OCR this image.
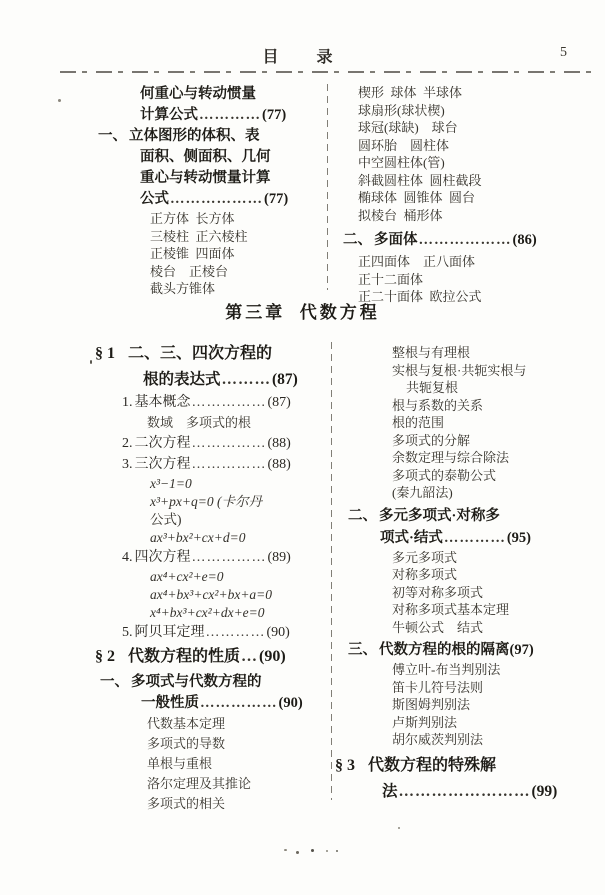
目  录	5
何重心与转动惯量
计算公式…………(77)
一、 立体图形的体积、表
面积、侧面积、几何
重心与转动惯量计算
公式………………(77)
正方体  长方体
三棱柱  正六棱柱
正棱锥  四面体
棱台    正棱台
截头方锥体
楔形  球体  半球体
球扇形(球状楔)
球冠(球缺)    球台
圆环胎    圆柱体
中空圆柱体(管)
斜截圆柱体  圆柱截段
椭球体  圆锥体  圆台
拟棱台  桶形体
二、 多面体………………(86)
正四面体    正八面体
正十二面体
正二十面体  欧拉公式
第三章  代数方程
§ 1 二、三、四次方程的
根的表达式………(87)
1. 基本概念……………(87)
数域    多项式的根
2. 二次方程……………(88)
3. 三次方程……………(88)
x³−1=0
x³+px+q=0 (卡尔丹
公式)
ax³+bx²+cx+d=0
4. 四次方程……………(89)
ax⁴+cx²+e=0
ax⁴+bx³+cx²+bx+a=0
x⁴+bx³+cx²+dx+e=0
5. 阿贝耳定理…………(90)
§ 2 代数方程的性质…(90)
一、 多项式与代数方程的
一般性质……………(90)
代数基本定理
多项式的导数
单根与重根
洛尔定理及其推论
多项式的相关
整根与有理根
实根与复根·共轭实根与
共轭复根
根与系数的关系
根的范围
多项式的分解
余数定理与综合除法
多项式的泰勒公式
(秦九韶法)
二、 多元多项式·对称多
项式·结式…………(95)
多元多项式
对称多项式
初等对称多项式
对称多项式基本定理
牛顿公式    结式
三、 代数方程的根的隔离(97)
傅立叶-布当判别法
笛卡儿符号法则
斯图姆判别法
卢斯判别法
胡尔威茨判别法
§ 3 代数方程的特殊解
法……………………(99)
